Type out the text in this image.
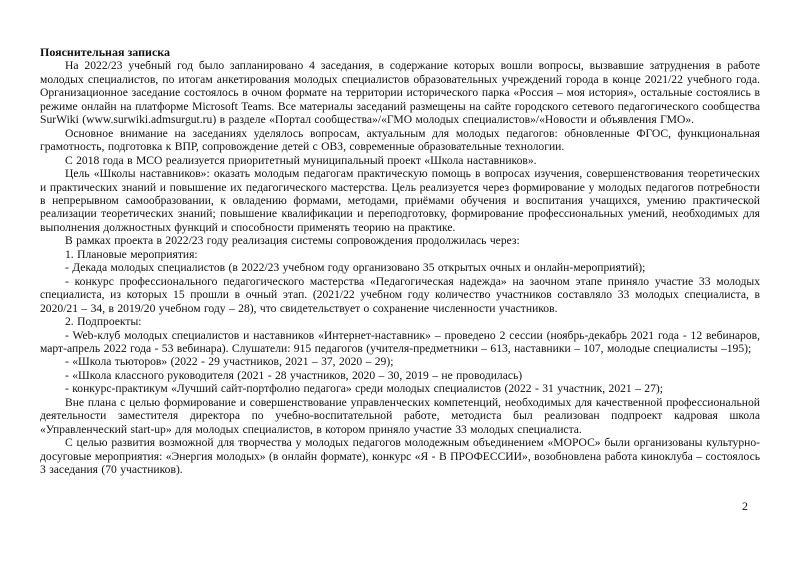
Пояснительная записка

На 2022/23 учебный год было запланировано 4 заседания, в содержание которых вошли вопросы, вызвавшие затруднения в работе молодых специалистов, по итогам анкетирования молодых специалистов образовательных учреждений города в конце 2021/22 учебного года. Организационное заседание состоялось в очном формате на территории исторического парка «Россия – моя история», остальные состоялись в режиме онлайн на платформе Microsoft Teams. Все материалы заседаний размещены на сайте городского сетевого педагогического сообщества SurWiki (www.surwiki.admsurgut.ru) в разделе «Портал сообщества»/«ГМО молодых специалистов»/«Новости и объявления ГМО».

Основное внимание на заседаниях уделялось вопросам, актуальным для молодых педагогов: обновленные ФГОС, функциональная грамотность, подготовка к ВПР, сопровождение детей с ОВЗ, современные образовательные технологии.

С 2018 года в МСО реализуется приоритетный муниципальный проект «Школа наставников».

Цель «Школы наставников»: оказать молодым педагогам практическую помощь в вопросах изучения, совершенствования теоретических и практических знаний и повышение их педагогического мастерства. Цель реализуется через формирование у молодых педагогов потребности в непрерывном самообразовании, к овладению формами, методами, приёмами обучения и воспитания учащихся, умению практической реализации теоретических знаний; повышение квалификации и переподготовку, формирование профессиональных умений, необходимых для выполнения должностных функций и способности применять теорию на практике.

В рамках проекта в 2022/23 году реализация системы сопровождения продолжилась через:

1. Плановые мероприятия:

- Декада молодых специалистов (в 2022/23 учебном году организовано 35 открытых очных и онлайн-мероприятий);

- конкурс профессионального педагогического мастерства «Педагогическая надежда» на заочном этапе приняло участие 33 молодых специалиста, из которых 15 прошли в очный этап. (2021/22 учебном году количество участников составляло 33 молодых специалиста, в 2020/21 – 34, в 2019/20 учебном году – 28), что свидетельствует о сохранение численности участников.

2. Подпроекты:

- Web-клуб молодых специалистов и наставников «Интернет-наставник» – проведено 2 сессии (ноябрь-декабрь 2021 года - 12 вебинаров, март-апрель 2022 года - 53 вебинара). Слушатели: 915 педагогов (учителя-предметники – 613, наставники – 107, молодые специалисты –195);

- «Школа тьюторов» (2022 - 29 участников, 2021 – 37, 2020 – 29);

- «Школа классного руководителя (2021 - 28 участников, 2020 – 30, 2019 – не проводилась)

- конкурс-практикум «Лучший сайт-портфолио педагога» среди молодых специалистов (2022 - 31 участник, 2021 – 27);

Вне плана с целью формирование и совершенствование управленческих компетенций, необходимых для качественной профессиональной деятельности заместителя директора по учебно-воспитательной работе, методиста был реализован подпроект кадровая школа «Управленческий start-up» для молодых специалистов, в котором приняло участие 33 молодых специалиста.

С целью развития возможной для творчества у молодых педагогов молодежным объединением «МОРОС» были организованы культурно-досуговые мероприятия: «Энергия молодых» (в онлайн формате), конкурс «Я - В ПРОФЕССИИ», возобновлена работа киноклуба – состоялось 3 заседания (70 участников).

2
